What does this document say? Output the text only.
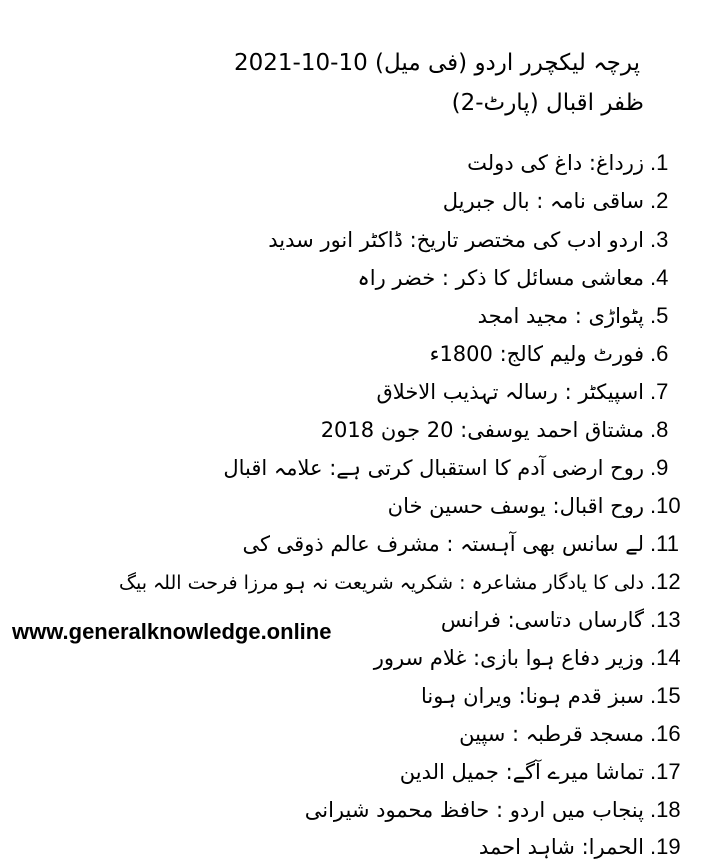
پرچہ لیکچرر اردو (فی میل) 10-10-2021
ظفر اقبال (پارٹ-2)
.1
زرداغ: داغ کی دولت
.2
ساقی نامہ : بال جبریل
.3
اردو ادب کی مختصر تاریخ: ڈاکٹر انور سدید
.4
معاشی مسائل کا ذکر : خضر راہ
.5
پٹواڑی : مجید امجد
.6
فورٹ ولیم کالج: 1800ء
.7
اسپیکٹر : رسالہ تہذیب الاخلاق
.8
مشتاق احمد یوسفی: 20 جون 2018
.9
روح ارضی آدم کا استقبال کرتی ہے: علامہ اقبال
.10
روح اقبال: یوسف حسین خان
.11
لے سانس بھی آہستہ : مشرف عالم ذوقی کی
.12
دلی کا یادگار مشاعرہ : شکریہ شریعت نہ ہو مرزا فرحت اللہ بیگ
.13
گارساں دتاسی: فرانس
.14
وزیر دفاع ہوا بازی: غلام سرور
.15
سبز قدم ہونا: ویران ہونا
.16
مسجد قرطبہ : سپین
.17
تماشا میرے آگے: جمیل الدین
.18
پنجاب میں اردو : حافظ محمود شیرانی
.19
الحمرا: شاہد احمد
www.generalknowledge.online
